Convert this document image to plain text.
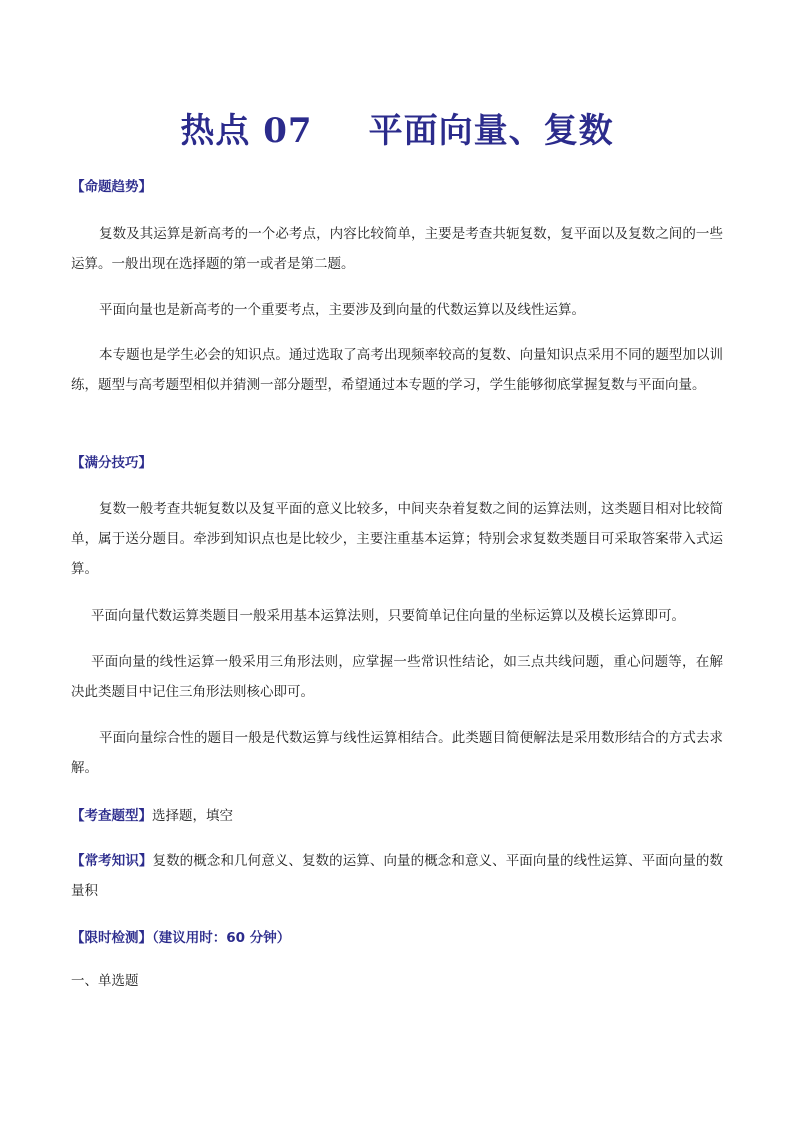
热点 07 平面向量、复数
【命题趋势】
复数及其运算是新高考的一个必考点，内容比较简单，主要是考查共轭复数，复平面以及复数之间的一些运算。一般出现在选择题的第一或者是第二题。
平面向量也是新高考的一个重要考点，主要涉及到向量的代数运算以及线性运算。
本专题也是学生必会的知识点。通过选取了高考出现频率较高的复数、向量知识点采用不同的题型加以训练，题型与高考题型相似并猜测一部分题型，希望通过本专题的学习，学生能够彻底掌握复数与平面向量。
【满分技巧】
复数一般考查共轭复数以及复平面的意义比较多，中间夹杂着复数之间的运算法则，这类题目相对比较简单，属于送分题目。牵涉到知识点也是比较少，主要注重基本运算；特别会求复数类题目可采取答案带入式运算。
平面向量代数运算类题目一般采用基本运算法则，只要简单记住向量的坐标运算以及模长运算即可。
平面向量的线性运算一般采用三角形法则，应掌握一些常识性结论，如三点共线问题，重心问题等，在解决此类题目中记住三角形法则核心即可。
平面向量综合性的题目一般是代数运算与线性运算相结合。此类题目简便解法是采用数形结合的方式去求解。
【考查题型】选择题，填空
【常考知识】复数的概念和几何意义、复数的运算、向量的概念和意义、平面向量的线性运算、平面向量的数量积
【限时检测】（建议用时：60 分钟）
一、单选题
